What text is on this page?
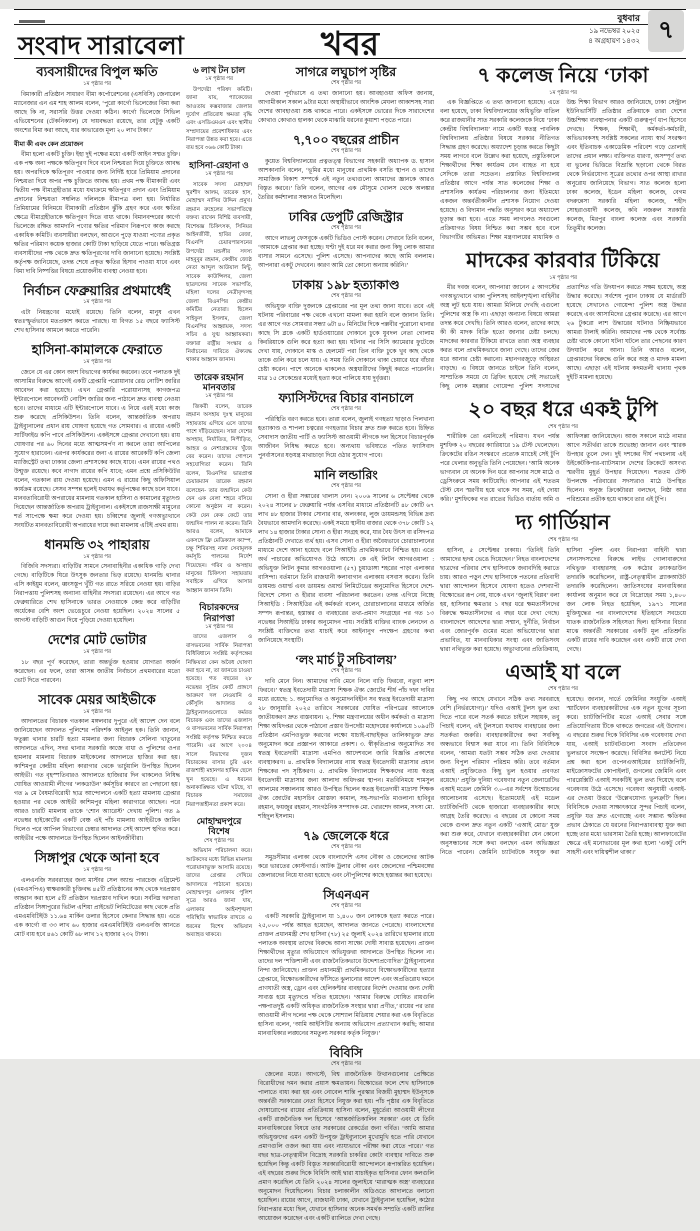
সংবাদ সারাবেলা	খবর
বুধবার
১৯ নভেম্বর ২০২৫
৪ অগ্রহায়ণ ১৪৩২ ৭
ব্যবসায়ীদের বিপুল ক্ষতি
১ম পৃষ্ঠার পর

বিমাকারী প্রতিষ্ঠান সাধারণ বীমা কর্পোরেশনের (এসবিসি) জেনারেল ম্যানেজার এন এম শাহ আলম বলেন, ‘পুরো কার্গো ভিলেজের বিমা করা আছে কি না, সরাসরি উত্তর দেওয়া কঠিন। কার্গো ভিলেজে সিভিল এভিয়েশনের (টেকনিক্যাল) যে দায়বদ্ধতা রয়েছে, তার যেটুকু একটি অংশের বিমা করা আছে, যার কাভারেজ মূল্য ২০ লাখ টাকা।’

বীমা কী এবং কেন প্রয়োজন

বীমা হলো একটি চুক্তি। ইহা দুই পক্ষের মধ্যে একটি আইন সম্মত চুক্তি। এক পক্ষ অন্য পক্ষকে ক্ষতিপূরণ দিবে বলে নিশ্চয়তা দিয়ে চুক্তিতে আবদ্ধ হয়। অপরদিকে ক্ষতিপূরণ পাওয়ার জন্য নির্দিষ্ট হারে প্রিমিয়াম প্রদানের নিশ্চয়তা দিয়ে অপর পক্ষ চুক্তিতে আবদ্ধ হয়। প্রথম পক্ষ বীমাকারী এবং দ্বিতীয় পক্ষ বীমাগ্রহীতার মধ্যে যথাক্রমে ক্ষতিপূরণ প্রদান এবং প্রিমিয়াম প্রদানের নিশ্চয়তা সম্বলিত দলিলকে বীমাপত্র বলা হয়। নির্ধারিত প্রিমিয়ামের বিনিময়ে বীমাকারী প্রতিষ্ঠান ঝুঁকি গ্রহণ করে এবং ক্ষতির ক্ষেত্রে বীমাগ্রহীতাকে ক্ষতিপূরণ দিতে বাধ্য থাকে। বিমানবন্দরের কার্গো ভিলেজে রক্ষিত আমদানি পণ্যের ক্ষতির পরিমাণ নিরূপণে কাজ করছে একাধিক কমিটি। ব্যবসায়ীরা বলছেন, আগুনে পুড়ে যাওয়া পণ্যের প্রকৃত ক্ষতির পরিমাণ কয়েক হাজার কোটি টাকা ছাড়িয়ে যেতে পারে। ক্ষতিগ্রস্ত ব্যবসায়ীদের পক্ষ থেকে দ্রুত ক্ষতিপূরণের দাবি জানানো হয়েছে। সংশ্লিষ্ট কর্তৃপক্ষ জানিয়েছে, তদন্ত শেষে প্রকৃত ক্ষতির হিসাব পাওয়া যাবে এবং বিমা দাবি নিষ্পত্তির বিষয়ে প্রয়োজনীয় ব্যবস্থা নেওয়া হবে।

নির্বাচন ফেব্রুয়ারির প্রথমার্ধেই
১ম পৃষ্ঠার পর

এটা নিয়ন্ত্রণের মধ্যেই রয়েছে। তিনি বলেন, মানুষ এখন স্বতঃস্ফূর্তভাবে মতপ্রকাশ করতে পারছে। যা বিগত ১৫ বছরে ফ্যাসিস্ট শেখ হাসিনার আমলে করতে পারেনি।

হাসিনা-কামালকে ফেরাতে
১ম পৃষ্ঠার পর

জেনে যে এর কোন অংশ বিভাগের কার্যকর করবেন। তবে পলাতক দুই আসামির বিরুদ্ধে আগেই একটি গ্রেপ্তারি পরোয়ানার রেড নোটিশ জারির আবেদন করা হয়েছে। এখন গ্রেপ্তারি পরোয়ানাসহ কাগজপত্র ইন্টারপোলে আবেদনটি নোটিশ জারির জন্য পাঠালে দ্রুত ব্যবস্থা নেওয়া হবে। তাদের মাধ্যমে এটি ইন্টারপোলে যাবে। এ নিয়ে এরই মধ্যে কাজ শুরু করেছে প্রসিকিউশন। তিনি বলেন, আন্তর্জাতিক অপরাধ ট্রাইব্যুনালের প্রধান রায় ঘোষণা হয়েছে গত সোমবার। এ রায়ের একটি সার্টিফাইড কপি পাবে প্রসিকিউশন। একইসঙ্গে গ্রেপ্তার দেখানো হয়। রায় ঘোষণার পর ৬০ দিনের মধ্যে আত্মসমর্পণ না করলে তারা আপিলের সুযোগ হারাবেন। এরপর কার্যকরের জন্য এ রায়ের আরেকটি কপি জেলা ম্যাজিস্ট্রেট তথা ঢাকার জেলা প্রশাসকের কাছে যাবে। এমন রায়ের পথও উন্মুক্ত রয়েছে। কবে নাগাদ রায়ের কপি যাবে; এমন প্রশ্নে প্রসিকিউটর বলেন, গতকাল রায় দেওয়া হয়েছে। এমন এ রায়ের কিছু অফিসিয়াল কার্যক্রম রয়েছে। সেসব সম্পন্ন হলেই যথাযথ কর্তৃপক্ষের কাছে চলে যাবে। মানবতাবিরোধী অপরাধের মামলায় গতকাল হাসিনা ও কামালের মৃত্যুদণ্ড দিয়েছেন আন্তর্জাতিক অপরাধ ট্রাইব্যুনাল। একইসঙ্গে রাজসাক্ষী মামুনের শর্ত সাপেক্ষে ক্ষমা করে দেওয়া হয়। চব্বিশের জুলাই গণঅভ্যুত্থানে সংঘটিত মানবতাবিরোধী অপরাধের দায়ে করা মামলায় এটিই প্রথম রায়।

ধানমন্ডি ৩২ পাহারায়
১ম পৃষ্ঠার পর

বিজিবি সদস্যরা। বাড়িটির সামনে সেনাবাহিনীর একাধিক গাড়ি দেখা গেছে। বাড়িটিকে ঘিরে উৎসুক জনতার ভিড় রয়েছে। ধানমন্ডি থানার এসি কাইয়ুম বলেন, ধ্বংসস্তূপ খুঁটি গত রাতে সরিয়ে নেওয়া হয়। বাড়ির নিরাপত্তায় পুলিশসহ অন্যান্য বাহিনীর সদস্যরা রয়েছেন। এর আগে গত ফেব্রুয়ারিতে শেখ হাসিনাকে ভারত নেওয়াকে কেন্দ্র করে বাড়িটির অর্ধেকের বেশি অংশ ভেঙেচুরে নেওয়া হয়েছিল। ২০২৪ সালের ৫ আগস্ট বাড়িটি আগুন দিয়ে পুড়িয়ে দেওয়া হয়েছিল।

দেশের মোট ভোটার
১ম পৃষ্ঠার পর

১৮ বছর পূর্ণ করেছেন, তারা অন্তর্ভুক্ত হওয়ার যোগ্যতা অর্জন করেছেন। এর ফলে, তারা আসন্ন জাতীয় নির্বাচনে প্রথমবারের মতো ভোট দিতে পারবেন।

সাবেক মেয়র আইভীকে
১ম পৃষ্ঠার পর

আদালতের বিচারক গতকাল মঙ্গলবার দুপুরে এই আদেশ দেন বলে জানিয়েছেন আদালত পুলিশের পরিদর্শক আইনুল হক। তিনি জানান, ফতুল্লা থানার চারটি হত্যা মামলার জন্য বিচারক সেলিনা খাতুনের আদালতে এদিন, সদর থানার সরকারি কাজে বাধা ও পুলিশের ওপর হামলার মামলায় বিচারক মাইকেলের আদালতে হাজির করা হয়। কাশিমপুর কেন্দ্রীয় মহিলা কারাগার থেকে ভার্চুয়ালি উপস্থিত ছিলেন আইভী। গত বৃহস্পতিবারও আদালতে হাজিরার দিন থাকলেও নিষিদ্ধ ঘোষিত আওয়ামী লীগের ‘লকডাউন’ কর্মসূচির কারণে তা পেছানো হয়। গত ৯ মে বৈষম্যবিরোধী ছাত্র আন্দোলনে একটি হত্যা মামলায় গ্রেপ্তার হওয়ার পর থেকে আইভী কাশিমপুর মহিলা কারাগারে আছেন। পরে আরও চারটি মামলায় তাকে ‘শোন অ্যারেস্ট’ দেখায় পুলিশ। গত ৯ নভেম্বর হাইকোর্টের একটি বেঞ্চ এই পাঁচ মামলায় আইভীকে জামিন দিলেও পরে আপিল বিভাগের চেম্বার আদালত সেই আদেশ স্থগিত করে। আইভীর পক্ষে আদালতে উপস্থিত ছিলেন আইনজীবীরা।

সিঙ্গাপুর থেকে আনা হবে
১ম পৃষ্ঠার পর

এলএনজি সরবরাহের জন্য মাস্টার সেল অ্যান্ড পারচেজ এগ্রিমেন্ট (এমএসপিএ) স্বাক্ষরকারী চুক্তিবদ্ধ ৪৫টি প্রতিষ্ঠানের কাছ থেকে দরপ্রস্তাব আহ্বান করা হলে ৫টি প্রতিষ্ঠান দরপ্রস্তাব দাখিল করে। সর্বনিম্ন দরদাতা প্রতিষ্ঠান সিঙ্গাপুরের ভিটল এশিয়া প্রাইভেট লিমিটেডের কাছ থেকে প্রতি এমএমবিটিইউ ১১.৬৪ মার্কিন ডলার হিসেবে কেনার সিদ্ধান্ত হয়। এতে এক কার্গো বা ৩৩ লাখ ৬০ হাজার এমএমবিটিইউ এলএনজি আনতে মোট ব্যয় হবে ৪৬১ কোটি ৬৮ লাখ ১২ হাজার ২৩২ টাকা।

৬ লাখ টন চাল
১ম পৃষ্ঠার পর

উপদেষ্টা পরিষদ কমিটি। জানা যায়, প্যাকেজের আওতায় কক্সবাজার জেলার দুর্যোগ প্রতিরোধ ক্ষমতা বৃদ্ধি এবং এসডিএমএন এবং স্থানীয় সম্প্রদায়ের প্রবেশাধিকার এবং নিরাপত্তা উন্নত করা হবে। এতে ব্যয় হবে ৩৬৬ কোটি টাকা।

হাসিনা-রেহানা ও
১ম পৃষ্ঠার পর

সাবেক সদস্য মোহাম্মদ খুরশীদ আলম, তারেক হাস, মোহাম্মদ নাসির উদ্দিন প্রমুখ। রহমান রুহেলের সভাপতিত্বে বক্তব্য রাখেন বিশিষ্ট ব্যবসায়ী, বিশেষজ্ঞ চিকিৎসক, সিনিয়র আইনজীবী, হাবির রেজা, বিএনপি চেয়ারপারসনের উপদেষ্টা মন্ডলীর সদস্য মাহবুবুর রহমান, কেন্দ্রীয় জ্যেষ্ঠ নেতা আব্দুল আউয়াল মিন্টু, সাবেক কাউন্সিলর, জেলা ছাত্রদলের সাবেক সভাপতি, মহিলা দলের নেত্রীবৃন্দসহ জেলা বিএনপির কেন্দ্রীয় কমিটির নেতারা। ছিলেন সাইফুল ইসলাম, জেলা বিএনপির আহ্বায়ক, সদস্য সচিব ও যুগ্ম আহ্বায়করা। বক্তারা রাষ্ট্রীয় সংস্কার ও নির্বাচনের দাবিতে ঐক্যবদ্ধ থাকার আহ্বান জানান।

তারেক রহমান মানবতার
১ম পৃষ্ঠার পর

জিকরী বলেন, তারেক রহমান অসহায় দুঃস্থ মানুষের সহায়তায় এগিয়ে এসে তাদের পাশে দাঁড়িয়েছেন। সারা দেশের অসহায়, নির্যাতিত, নিপীড়িত, আহত ও নেশাগ্রস্তদের খুঁজে বের করেন। তাদের গোপনে সহযোগিতা করেন। তিনি বলেন, বিএনপির ভারপ্রাপ্ত চেয়ারম্যান তারেক রহমান বলেছেন- তার জন্মদিনে কেউ যেন এক বেলা শহরে বসিয়ে কোনো অনুষ্ঠান না করেন। কেউ যেন কেক কেটে তার জন্মদিন পালন না করেন। তিনি আরও বলেন, আমাকে একসঙ্গে ফ্রি মেডিক্যাল ক্যাম্প, চক্ষু শিবিরসহ নানা সেবামূলক কর্মসূচি পালনের নির্দেশ দিয়েছেন। গরিব ও অসহায় মানুষের চিকিৎসা সহায়তায় সবাইকে এগিয়ে আসার আহ্বান জানান তিনি।

বিচারকদের নিরাপত্তা
১ম পৃষ্ঠার পর

তাদের এজলাস ও বাসভবনের সার্বিক নিরাপত্তা বিধিবিধানে সংশ্লিষ্ট কর্তৃপক্ষের নিষ্ক্রিয়তা কেন অবৈধ ঘোষণা করা হবে না, তা জানতে চাওয়া হয়েছে। গত বছরের ২৮ নভেম্বর সুপ্রিম কোর্ট প্রাঙ্গণে আক্রমণ দল নেওয়ানি ও কৌঁসুলি আদালত ও ট্রাইব্যুনালগুলোতে কর্মরত বিচারক এবং তাদের এজলাস ও বাসভবনের সার্বিক নিরাপত্তা সংশ্লিষ্ট কর্তৃপক্ষ নিশ্চিত করতে পারেনি। এর আগে ২০০৪ সালে বিভাগের দুজন বিচারকের বাসার চুরি এবং রাজশাহী মহানগর হাকিম ছেলে খুন হয়েছে। এ ধরনের অনাকাঙ্ক্ষিত ঘটনা ঘটছে, যা বিচারক সমাজের নিরাপত্তাহীনতা প্রকাশ করে।

মোহাম্মদপুরে বিশেষ
শেষ পৃষ্ঠার পর

অভিযান পরিচালনা করে। আটকদের মধ্যে বিভিন্ন মামলার পরোয়ানাভুক্ত আসামি রয়েছে। তাদের গ্রেপ্তার দেখিয়ে আদালতে পাঠানো হয়েছে। মোহাম্মদপুর এলাকায় পুলিশ সূত্রে আরও জানা যায়, এলাকার আইনশৃঙ্খলা পরিস্থিতি স্বাভাবিক রাখতে এ ধরনের বিশেষ অভিযান অব্যাহত থাকবে।

সাগরে লঘুচাপ সৃষ্টির
শেষ পৃষ্ঠার পর

দেওয়া পূর্বাভাসে এ তথ্য জানানো হয়। আবহাওয়া অফিস জানায়, আগামীকাল সকাল ৯টার মধ্যে অস্থায়ীভাবে আংশিক মেঘলা আকাশসহ সারা দেশের আবহাওয়া শুষ্ক থাকতে পারে। একইসঙ্গে ভোরের দিকে সারাদেশের কোথাও কোথাও হালকা থেকে মাঝারি ধরনের কুয়াশা পড়তে পারে।

৭,৭০০ বছরের প্রাচীন
শেষ পৃষ্ঠার পর

কুয়েত বিশ্ববিদ্যালয়ের প্রত্নতত্ত্ব বিভাগের সহকারী অধ্যাপক ড. হাসান আশকানানি বলেন, ‘ভূমির মধ্যে মানুষের প্রাথমিক বসতি স্থাপন ও তাদের সামাজিক বিকাশ সম্পর্কে এই নতুন তথ্যগুলো আমাদের জ্ঞানকে আরও বিস্তৃত করবে।’ তিনি বলেন, আগের এক মৌসুমে খোলস থেকে অলঙ্কার তৈরির কর্মশালার সন্ধানও মিলেছিল।

ঢাবির ডেপুটি রেজিস্ট্রার
শেষ পৃষ্ঠার পর

আগে লাভলু ফেসবুকে একটি ভিডিও পোস্ট করেন। সেখানে তিনি বলেন, ‘আমাকে গ্রেপ্তার করা হচ্ছে। ঘণ্টা দুই ধরে মব করার জন্য কিছু লোক আমার বাসার সামনে এসেছে। পুলিশ এসেছে। আপনাদের কাছে আমি বললাম। আপনারা একটু দেখবেন। কারণ আমি তো কোনো অন্যায় করিনি।’

ঢাকায় ১৯৮ হত্যাকাণ্ড
শেষ পৃষ্ঠার পর

অভিযুক্ত ব্যক্তি দুজনকে গ্রেপ্তারের পর মূল তথ্য জানা যাবে। তবে এই ঘটনায় পরিবারের পক্ষ থেকে এখনো মামলা করা হয়নি বলে জানান তিনি। এর আগে গত সোমবার সন্ধ্যা ৬টা ৪০ মিনিটের দিকে পল্লবীর পুরোনো থানার কাছে সি ব্লকে একটি হার্ডওয়্যারের দোকানে ঢুকে যুবদল নেতা গোলাম কিবরিয়াকে গুলি করে হত্যা করা হয়। ঘটনার পর সিসি ক্যামেরার ফুটেজে দেখা যায়, দোকানে মাস্ক ও হেলমেট পরা তিন ব্যক্তি ঢুকে খুব কাছ থেকে তাকে গুলি করে চলে যায়। এ সময় তিনি দোকানে থাকা চেয়ারে ধরে বাঁচার চেষ্টা করেন। পাশে অনেকে থাকলেও অস্ত্রধারীদের কিছুই করতে পারেননি। মাত্র ১৫ সেকেন্ডের মধ্যেই হত্যা করে পালিয়ে যায় দুর্বৃত্তরা।

ফ্যাসিস্টদের বিচার বানচালে
শেষ পৃষ্ঠার পর

পরিস্থিতি বরণ করতে হবে। তারা বলেন, জুলাই গণহত্যা ছাড়াও পিলখানা হত্যাকাণ্ড ও শাপলা চত্বরের গণহত্যার বিচার দ্রুত শুরু করতে হবে। চিহ্নিত সেবাদাস জাতীয় পার্টি ও ফ্যাসিস্ট আওয়ামী লীগকে দল হিসেবে বিচারপূর্বক আজীবন নিষিদ্ধ করতে হবে। অন্যথায় ভবিষ্যতে পতিত ফ্যাসিবাদ পুনর্বাসনের ষড়যন্ত্র মাথাচাড়া দিয়ে ওঠার সুযোগ পাবে।

মানি লন্ডারিং
শেষ পৃষ্ঠার পর

সোনা ও হীরা সম্ভারের খালাস নেন। ২০০৬ সালের ৬ সেপ্টেম্বর থেকে ২০২৪ সালের ৮ ফেব্রুয়ারি পর্যন্ত এসবির মাধ্যমে প্রতিষ্ঠানটি ৪৮ কোটি ৬৭ লাখ ৪৮ হাজার টাকার সোনার বার, অলংকার, লুজ ডায়মন্ডসহ বিভিন্ন দ্রব্য বৈধভাবে আমদানি করেছে। একই সময়ে স্থানীয় বাজার থেকে ৩৭৮ কোটি ১২ লাখ ১৪ হাজার টাকার সোনা ও হীরা সংগ্রহ করে, যার বৈধ উৎস বা রসিদপত্র প্রতিষ্ঠানটি দেখাতে ব্যর্থ হয়। এসব সোনা ও হীরা অবৈধভাবে চোরাচালানের মাধ্যমে দেশে আনা হয়েছে বলে সিআইডি প্রাথমিকভাবে নিশ্চিত হয়। এতে অর্থ পাচারের অভিযোগও উঠে আসে। কে এই লিটন আগরওয়ালা : অভিযুক্ত লিটন কুমার আগরওয়ালা (৫৭) চুয়াডাঙ্গা শহরের পাড়া এলাকার বাসিন্দা। বর্তমানে তিনি রাজধানী কলাবাগান এলাকায় বসবাস করেন। তিনি ডায়মন্ড ওয়ার্ল্ড এবং ডায়মন্ড ওয়ার্ল্ড লিমিটেডের অনুমোদিত হিসেবে দেশে-বিদেশে সোনা ও হীরার ব্যবসা পরিচালনা করতেন। তদন্ত এগিয়ে নিচ্ছে সিআইডি : সিআইডির এই কর্মকর্তা বলেন, চোরাচালানের মাধ্যমে অর্জিত সম্পদ রূপান্তর, হস্তান্তর ও ব্যবহারের তথ্য-প্রমাণ সংগ্রহের পর গত ১৩ নভেম্বর সিআইডি ঢাকার অনুমোদন পায়। সংশ্লিষ্ট ব্যক্তির ব্যাংক লেনদেন ও সংশ্লিষ্ট ব্যক্তিদের তথ্য যাচাই করে আইনানুগ পদক্ষেপ গ্রহণের কথা জানিয়েছে সংস্থাটি।

‘লং মার্চ টু সচিবালয়’
শেষ পৃষ্ঠার পর

দাবি মেনে নিন। আমাদের দাবি মেনে নিলে বাড়ি ফিরবো, নতুবা লাশ ফিরবে।’ স্বতন্ত্র ইবতেদায়ী মাদ্রাসা শিক্ষক ঐক্য জোটের শীর্ষ পাঁচ দফা দাবির মধ্যে রয়েছে: ১. অনুমোদিত ও অনুমোদনবিহীন সব স্বতন্ত্র ইবতেদায়ী মাদ্রাসা ২৮ জানুয়ারি ২০২৫ তারিখে সরকারের ঘোষিত পরিপত্রের আলোকে জাতীয়করণ দ্রুত বাস্তবায়ন। ২. শিক্ষা মন্ত্রণালয়ের অধীন কর্মকর্তা ও মাদ্রাসা শিক্ষা অধিদপ্তর থেকে পাঠানো প্রস্তাব উপদেষ্টা মহোদয়ের কার্যালয়ে ১০৯৫টি প্রতিষ্ঠান এমপিওভুক্ত করণের লক্ষ্যে যাচাই-বাছাইকৃত তালিকাভুক্ত দ্রুত অনুমোদন করে প্রজ্ঞাপন আকারে প্রকাশ। ৩. স্বীকৃতিপ্রাপ্ত অনুমোদিত সব স্বতন্ত্র ইবতেদায়ী মাদ্রাসা এমপিও আদেশবলে জারি বিজ্ঞপ্তি প্রকাশের ব্যবস্থাকরণ। ৪. প্রাথমিক বিদ্যালয়ের ন্যায় স্বতন্ত্র ইবতেদায়ী মাদ্রাসার প্রধান শিক্ষকের পদ সৃষ্টিকরণ। ৫. প্রাথমিক বিদ্যালয়ের শিক্ষকদের ন্যায় স্বতন্ত্র ইবতেদায়ী মাদ্রাসার জন্য আলাদা অধিদপ্তর স্থাপন। মতবিনিময়ে শামসুল আলমের সঞ্চালনায় আরও উপস্থিত ছিলেন স্বতন্ত্র ইবতেদায়ী মাদ্রাসা শিক্ষক ঐক্য জোটের মহাসচিব মোস্তফা কামাল, সহ-সভাপতি মাওলানা হাবিবুর রহমান, ফয়জুর রহমান, সাংগঠনিক সম্পাদক মো. খোরশেদ আলম, সদস্য মো. শহিদুল ইসলাম।

৭৯ জেলেকে ধরে
শেষ পৃষ্ঠার পর

সমুদ্রসীমার এলাকা থেকে বাংলাদেশি এসব নৌকা ও জেলেদের আটক করে ভারতের কোস্টগার্ড। আটক ট্রলার নৌকা এবং জেলেদের পশ্চিমবঙ্গের জেলারদের নিয়ে যাওয়া হয়েছে এবং নৌপুলিশের কাছে হস্তান্তর করা হয়েছে।

সিএনএন
শেষ পৃষ্ঠার পর

একটি সরকারি ট্রাইব্যুনাল যা ১,৪০০ জন লোককে হত্যা করতে পারে। ২৫,০০০ পর্যন্ত আহত হয়েছেন, আদালত জানতে পেরেছে। বাংলাদেশের প্রাক্তন প্রধানমন্ত্রী শেখ হাসিনা (৭৮) ২৫ জুলাই ২০২৪ তারিখে হামলার রায়ে পলাতক অবস্থায় তাদের বিরুদ্ধে আনা সাক্ষ্যে দোষী সাব্যস্ত হয়েছেন। প্রাক্তন শিক্ষার্থীদের মৃত্যুর অভিযোগে অভিযুক্তরা আদালতে উপস্থিত ছিলেন না। তাদের দল ‘শক্তিশালী এবং রাজনৈতিকভাবে উদ্দেশ্যপ্রণোদিত’ ট্রাইব্যুনালের নিন্দা জানিয়েছে। প্রাক্তন প্রধানমন্ত্রী প্রাথমিকভাবে বিক্ষোভকারীদের হত্যার গ্রেপ্তারে, বিক্ষোভকারীদের ফাঁসিতে ঝুলানোর আদেশ এবং অপ্রতিরোধ দমনে প্রাণঘাতী অস্ত্র, ড্রোন এবং হেলিকপ্টার ব্যবহারের নির্দেশ দেওয়ার জন্য দোষী সাব্যস্ত হয়ে মৃত্যুদণ্ডে দণ্ডিত হয়েছেন। ‘আমার বিরুদ্ধে ঘোষিত রায়গুলি পক্ষপাতদুষ্ট একটি অধিকৃত রাজনৈতিক সংস্থার দ্বারা প্রণীত,’ রায়ের পর তার আওয়ামী লীগ দলের পক্ষ থেকে সোশ্যাল মিডিয়ায় শেয়ার করা এক বিবৃতিতে হাসিনা বলেন, ‘আমি আইসিটির অন্যায় অভিযোগ প্রত্যাখ্যান করছি; আমার মানবাধিকার লঙ্ঘনের সমতুল্য সরকার কর্তৃক নিযুক্ত।’

বিবিসি
শেষ পৃষ্ঠার পর

জেলের মধ্যে। আগস্টে, বিশ্ব রাজনৈতিক উত্থানগুলোর প্রেক্ষিতে বিরোধীদের দমন করার প্রয়াস ক্ষমতায়ন। বিক্ষোভের ফলে শেখ হাসিনাকে পালাতে বাধ্য করা হয় এবং নোবেল শান্তি পুরস্কার বিজয়ী মুহাম্মদ ইউনূসকে অন্তর্বর্তী সরকারের নেতা হিসেবে নিযুক্ত করা হয়। পাঁচ পৃষ্ঠার এক বিবৃতিতে দোষারোপের রায়ের প্রতিক্রিয়ায় হাসিনা বলেন, মুহূর্তেরা আওয়ামী লীগের একটি রাজনৈতিক দল হিসেবে ‘আন্তর্জাতিকালিন সরকার’ এবং যে তিনি মানবাধিকারের বিষয়ে তার সরকারের রেকর্ডের জন্য গর্বিত। ‘আমি আমার অভিযুক্তদের এমন একটি উপযুক্ত ট্রাইব্যুনালে মুখোমুখি হতে পারি যেখানে প্রমাণগুলি ওজন করা যায় এবং ন্যায্যভাবে পরীক্ষা করা যেতে পারে।’ গত বছর ছাত্র-নেতৃত্বাধীন বিদ্রোহ সরকারি চাকরির কোটা ব্যবস্থার দাবিতে শুরু হয়েছিল কিন্তু একটি বিস্তৃত সরকারবিরোধী আন্দোলনে রূপান্তরিত হয়েছিল। এই বছরের শুরুর দিকে বিবিসি আই দ্বারা যাচাইকৃত হাসিনার ফোন কলগুলি প্রমাণ করেছিল যে তিনি ২০২৪ সালের জুলাইয়ে ‘মারাত্মক অস্ত্র’ ব্যবহারের অনুমোদন দিয়েছিলেন। বিচার চলাকালীন অডিওতে আদালতে বলানো হয়েছিল। রায়ের আগে, রাজধানী ঢাকা, যেখানে ট্রাইব্যুনাল হয়েছিল, কঠোর নিরাপত্তার মধ্যে ছিল, যেখানে হাসিনার অনেক সমর্থক সম্প্রতি একটি র‍্যালির আয়োজন করেছেন এবং একটি র‍্যালিতে দেখা গেছে।

৭ কলেজ নিয়ে ‘ঢাকা
১ম পৃষ্ঠার পর

এক বিজ্ঞপ্তিতে এ তথ্য জানানো হয়েছে। এতে বলা হয়েছে, ঢাকা বিশ্ববিদ্যালয়ের অধিভুক্তি বাতিল করে রাজধানীর সাত সরকারি কলেজকে নিয়ে ‘ঢাকা কেন্দ্রীয় বিশ্ববিদ্যালয়’ নামে একটি স্বতন্ত্র পাবলিক বিশ্ববিদ্যালয় প্রতিষ্ঠার বিষয়ে সরকার নীতিগত সিদ্ধান্ত গ্রহণ করেছে। অধ্যাদেশ চূড়ান্ত করতে কিছুটা সময় লাগবে বলে উল্লেখ করা হয়েছে, প্রস্তুতিকালে শিক্ষার্থীদের শিক্ষা কার্যক্রম যেন ব্যাহত না হয়ে সেদিকে তারা সচেতন। প্রস্তাবিত বিশ্ববিদ্যালয় প্রতিষ্ঠার আগে পর্যন্ত সাত কলেজের শিক্ষা ও প্রশাসনিক কার্যক্রম পরিচালনার জন্য ইতিমধ্যে একজন অন্তর্বর্তীকালীন প্রশাসক নিয়োগ দেওয়া হয়েছে। ও বিদ্যমান পদ্ধতি অনুসরণ করে অধ্যাদেশ চূড়ান্ত করা হবে। এতে সময় লাগলেও সবগুলো প্রক্রিয়াগত বিষয় নিশ্চিত করা সম্ভব হবে বলে বিভাগটির অভিমত। শিক্ষা মন্ত্রণালয়ের মাধ্যমিক ও উচ্চ শিক্ষা বিভাগ আরও জানিয়েছে, ঢাকা সেন্ট্রাল ইউনিভার্সিটি প্রতিষ্ঠার প্রক্রিয়াকে তারা দেশের উচ্চশিক্ষা ব্যবস্থাপনার একটি গুরুত্বপূর্ণ ধাপ হিসেবে দেখছে। শিক্ষক, শিক্ষার্থী, কর্মকর্তা-কর্মচারী, অভিভাবকসহ সংশ্লিষ্ট সকলের ন্যায্য স্বার্থ সংরক্ষণ এবং ইতিবাচক একাডেমিক পরিবেশ গড়ে তোলাই তাদের প্রধান লক্ষ্য। ব্যক্তিগত ধারণা, অসম্পূর্ণ তথ্য বা ভুলের ভিত্তিতে বিভ্রান্তি ছড়ানো থেকে বিরত থেকে নির্ভরযোগ্য সূত্রের তথ্যের ওপর আস্থা রাখার অনুরোধ জানিয়েছে বিভাগ। সাত কলেজ হলো ঢাকা কলেজ, ইডেন মহিলা কলেজ, বেগম বদরুন্নেসা সরকারি মহিলা কলেজ, শহীদ সোহরাওয়ার্দী কলেজ, কবি নজরুল সরকারি কলেজ, মিরপুর বাংলা কলেজ এবং সরকারি তিতুমীর কলেজ।

মাদকের কারবার টিকিয়ে
১ম পৃষ্ঠার পর

মীর দবজ বলেন, আপনারা জানেন ৫ আগস্টের গণঅভ্যুত্থানে থাকা পুলিশসহ আইনশৃঙ্খলা বাহিনীর অস্ত্র লুট হয়ে যায়। আমরা মিলিয়ে দেখছি এগুলো পুলিশের অস্ত্র কি না। এছাড়া অন্যান্য বিষয়ে আমরা তদন্ত করে দেখছি। তিনি আরও বলেন, তাদের কাছে কী কী মাদক বিক্রি হতো জানার চেষ্টা চলছে। মাদকের কারবার টিকিয়ে রাখতে তারা অস্ত্র ব্যবহার করত বলে প্রাথমিকভাবে জানা গেছে। তাদের জের ধরে আনার চেষ্টা করানো। মহানগরজুড়ে অস্থিরতা বাড়ছে। এ বিষয়ে জানতে চাইলে তিনি বলেন, সাম্প্রতিক সময়ে যে ব্রিফিং হয়েছে সেই সভাতেই কিছু লোক মহল্লার গোয়েন্দা পুলিশ সদস্যদের প্রত্যাশিত গতি উদযাপন করতে সক্ষম হয়েছে, অস্ত্র উদ্ধার করেছে। সর্বশেষ পুরান ঢাকায় যে মার্ডারটি হয়েছে সেখানেও গোয়েন্দা পুলিশ অস্ত্র উদ্ধার করেছে এবং আসামিদের গ্রেপ্তার করেছে। এর আগে ২৬ টুকরো লাশ উদ্ধারের ঘটনাও নিষ্ক্রিয়ভাবে আমরা টালাই করিনি। আমাদের পক্ষ থেকে সর্বোচ্চ চেষ্টা থাকে কোনো ঘটনা ঘটলে তার পেছনের কারণ উদঘাটন করে আনা। তিনি আরও বলেন, গ্রেপ্তারদের বিরুদ্ধে গুলি করে অস্ত্র ও মাদক মামলা আছে। এছাড়া এই ঘটনায় কদমতলী থানায় পৃথক দুইটি মামলা হয়েছে।

২০ বছর ধরে একই টুপি
শেষ পৃষ্ঠার পর

শারীরিক তো এমনিতেই পরিমাণ। যখন পর্যন্ত মুশফিক ২০ বছরের ক্যারিয়ারে ১৯ টেস্ট খেলেছেন। ক্রিকেটের রঙিন সংস্করণে প্রত্যেক ম্যাচেই সেই টুপি পরে খেলার অনুভূতি তিনি পেয়েছেন। ‘আমি অনেক ভাগ্যবান যে অনেক দিন ধরে আপনার সঙ্গে মাঠে ও ড্রেসিংরুমে সময় কাটিয়েছি। আপনার এই শততম টেস্ট যেন স্মরণীয় হয়ে থাকে সব সময়, এই দোয়া করি।’ মুশফিকের গত রাতের ভিডিও বার্তায় অমি ও আফিসল্লা জানিয়েছেন। আজ সকালে মাঠে নামার আগে সতীর্থরা তাকে শুভেচ্ছা জানান এবং স্মারক উপহার তুলে দেন। দুই দশকের দীর্ঘ পথচলায় এই উইকেটকিপার-ব্যাটসম্যান দেশের ক্রিকেটে অসংখ্য স্মরণীয় মুহূর্ত উপহার দিয়েছেন। শততম টেস্ট উপলক্ষে পরিবারের সদস্যরাও মাঠে উপস্থিত ছিলেন। অনুজ ক্রিকেটাররা বলছেন, নিষ্ঠা আর পরিশ্রমের প্রতীক হয়ে থাকবে তার এই টুপি।

দ্য গার্ডিয়ান
শেষ পৃষ্ঠার পর

হাসিনা, ৫ সেপ্টেম্বর ঢাকায়। ‘তিনিই তিনি আমাদের হৃদয় ভেঙে দিয়েছেন।’ নিহত বাংলাদেশের ছাত্রদের পরিবার শেখ হাসিনাকে জবাবদিহি করাতে চায়। আরও পড়ুন শেখ হাসিনাকে পতনের প্রতিবাদী দ্বারা আন্দোলন হিসেবে ঘোষণা হতেও দেশব্যাপী বিক্ষোভের রূপ নেয়, যাকে এখন ‘জুলাই বিপ্লব’ বলা হয়, হাসিনার ক্ষমতার ১ বছর ধরে ক্ষমতাসীনদের বিরুদ্ধে ক্ষমতাসীনদের এ বছর ধরে দেখা গেছে। বাংলাদেশে আদেশের দ্বারা সম্মান, দুর্নীতি, নির্বাচন এবং জোরপূর্বক গুমের মতো অভিযোগের দ্বারা প্রভাবিত, যা মানবাধিকার সংস্থা এবং জাতিসংঘ দ্বারা নথিভুক্ত করা হয়েছে। অভ্যুত্থানের প্রতিক্রিয়ায়, হাসিনা পুলিশ এবং নিরাপত্তা বাহিনী দ্বারা সেনাসদস্যদের বিরুদ্ধে লাইভ গোলাবারুদের নথিভুক্ত ব্যবহারসহ এক কঠোর ক্র্যাকডাউন তদারকি করেছিলেন, রাষ্ট্র-নেতৃত্বাধীন ব্ল্যাকআউট তদারকি করেছিলেন। জাতিসংঘের মানবাধিকার কার্যালয় অনুমান করে যে বিদ্রোহের সময় ১,৪০০ জন লোক নিহত হয়েছিল, ১৯৭১ সালের মুক্তিযুদ্ধের পর বাংলাদেশের ইতিহাসে সবচেয়ে ঘাতক রাজনৈতিক সহিংসতা ছিল। হাসিনার বিচার মাঝে অন্তর্বর্তী সরকারের একটি মূল প্রতিশ্রুতি একটি রায়ের দাবি করেছেন এবং একটি রায়ে দেখা গেছে।

এআই যা বলে
শেষ পৃষ্ঠার পর

কিছু পথ আছে যেখানে সঠিক তথ্য সরবরাহে বেশি (নির্ভরযোগ্য)।’ যদিও এআই টুলস ভুল তথ্য দিতে পারে বলে সতর্ক করতে চাইলে সহায়ক, তবু পিচাই বলেন, এই টুলসরো যথাযথ ব্যবহারের জন্য সতর্কতা জরুরি। ব্যবহারকারীদের কথা সবকিছু অন্ধভাবে বিশ্বাস করা যাবে না। তিনি বিবিসিকে বলেন, ‘আমরা যতটা সম্ভব সঠিক তথ্য দেওয়ার জন্য বিপুল পরিমাণ পরিশ্রম করি। তবে বর্তমান এআই প্রযুক্তিতেও কিছু ভুল হওয়ার প্রবণতা রয়েছে।’ প্রযুক্তি দুনিয়া গবেষণার নতুন জেনারেটিভ এআই মডেল জেমিনি ৩.০-এর সর্বশেষ উন্মোচনের আলোচনায় এসেছে। ইতোমধ্যেই এই মডেল চ্যাটজিপিটি থেকে হাজারো ব্যবহারকারীর কাছে আগ্রহ তৈরি করেছে। এ বছরের যে কোনো সময় থেকে গুগল দ্রুত নতুন একটি ‘এআই মোড’ যুক্ত করা শুরু করে, যেখানে ব্যবহারকারীরা যেন কোনো অনুসন্ধানের সঙ্গে কথা বলছেন এমন অভিজ্ঞতা নিতে পারেন। জেমিনি চ্যাটবটকে সংযুক্ত করা হয়েছে। জানান, দার্তে জেমিনির সংযুক্তি এআই স্মার্টফোন ব্যবহারকারীদের এক নতুন যুগের সূচনা করে। চ্যাটজিপিটির মতো এআই সেবার সঙ্গে প্রতিযোগিতায় টিকে থাকতে জগতের এই উদ্যোগ। এ বছরের শুরুর দিকে বিবিসির এক গবেষণায় দেখা যায়, এআই চ্যাটবটগুলো সংবাদ প্রতিবেদন ভুলভাবে সংক্ষেপ করেছে। বিবিসির কনটেন্ট নিয়ে প্রশ্ন করা হলে ওপেনএআইয়ের চ্যাটজিপিটি, মাইক্রোসফটের কোপাইলট, গুগলের জেমিনি এবং পারপ্লেক্সিটি এআই সবকটিই ভুল তথ্য দিয়েছে বলে গবেষণায় উঠে এসেছে। গবেষণা অনুযায়ী এআই-এর দেওয়া উত্তরে ‘উল্লেখযোগ্য ভুলত্রুটি’ ছিল। বিবিসিকে দেওয়া সাক্ষাৎকারে সুন্দর পিচাই বলেন, প্রযুক্তি যত দ্রুত এগোচ্ছে এবং সম্ভাব্য ক্ষতিকর প্রভাব ঠেকাতে যে ধরনের নিরাপত্তাব্যবস্থা যুক্ত করা হচ্ছে তার মধ্যে ভারসাম্য তৈরি হচ্ছে। আলফাবেটের ক্ষেত্রে এই মনোভাবের মূল কথা হলো ‘একটু বেশি সাহসী এবং দায়িত্বশীল থাকা।’
